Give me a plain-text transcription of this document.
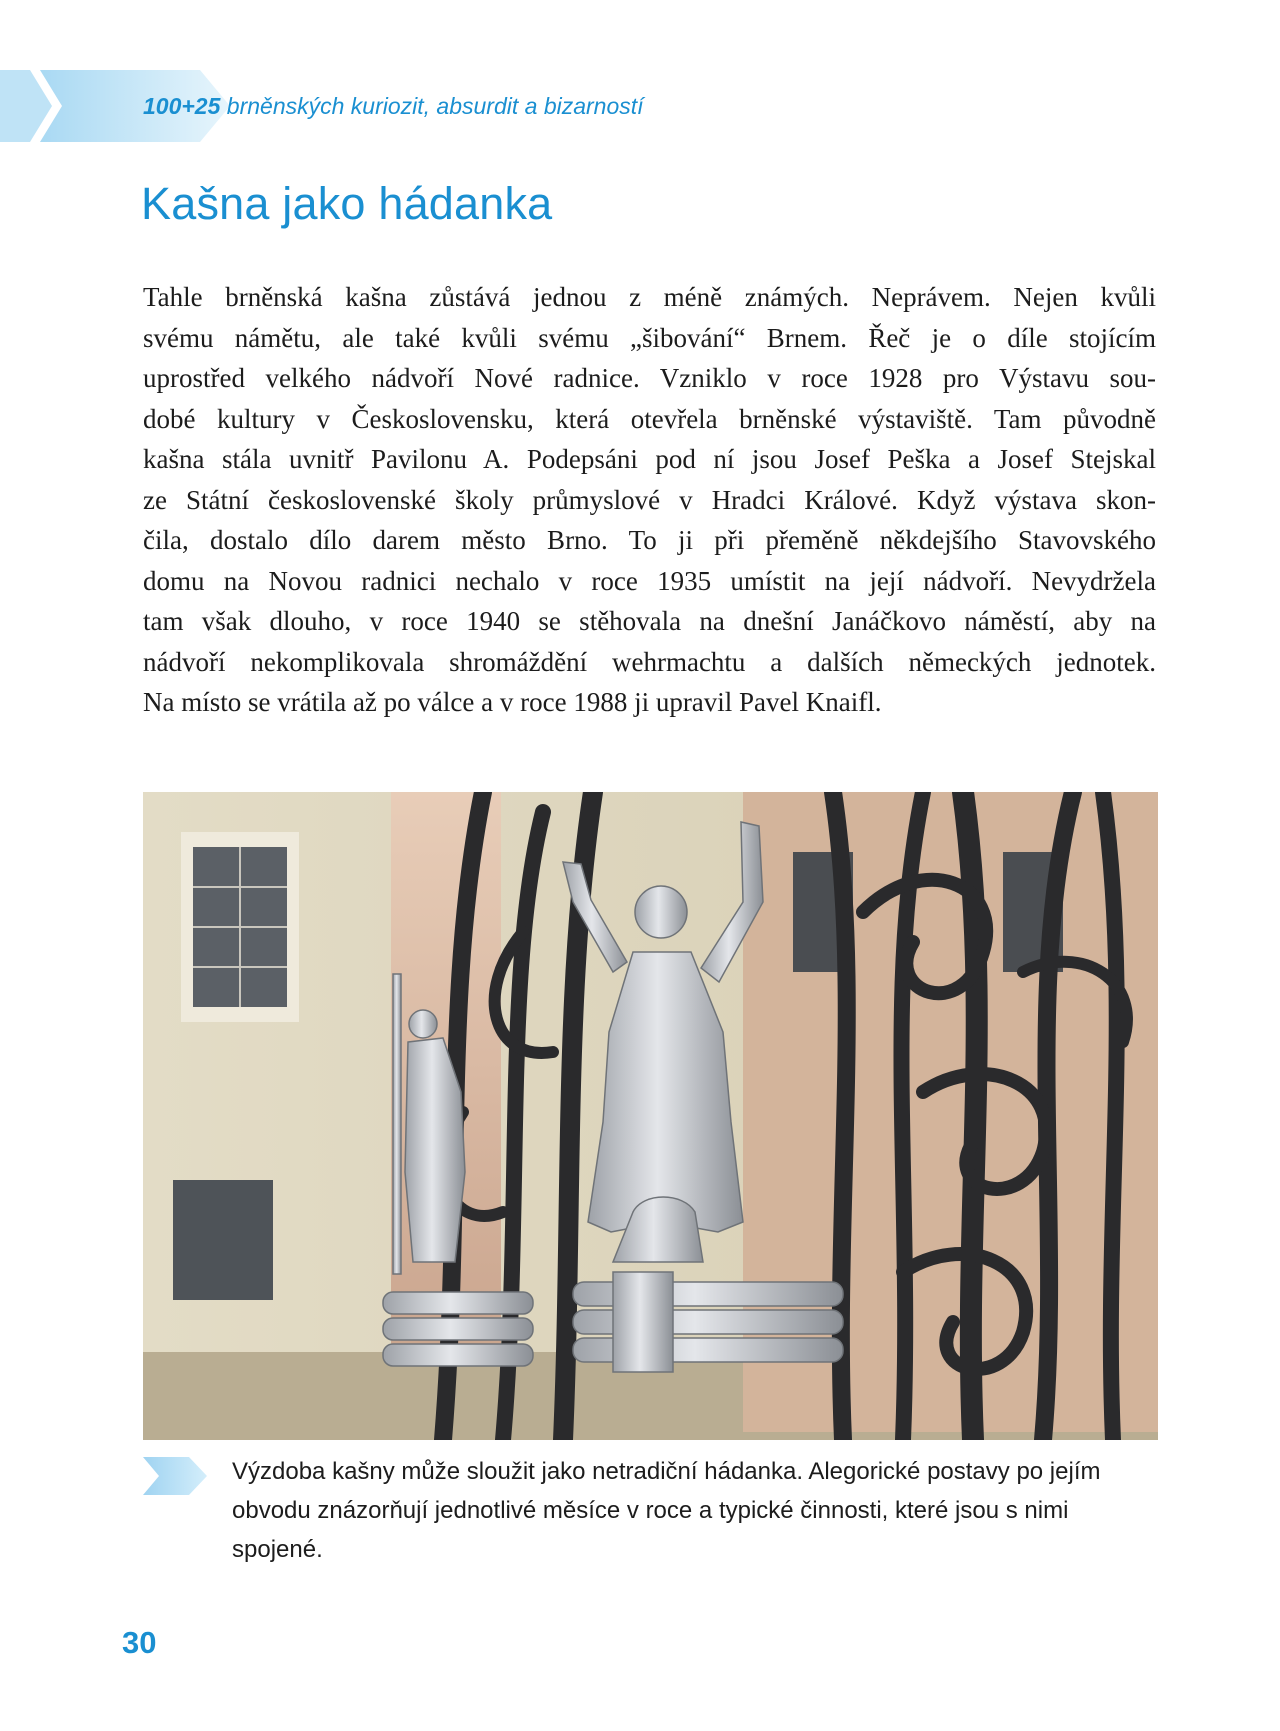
100+25 brněnských kuriozit, absurdit a bizarností
Kašna jako hádanka
Tahle brněnská kašna zůstává jednou z méně známých. Neprávem. Nejen kvůli
svému námětu, ale také kvůli svému „šibování“ Brnem. Řeč je o díle stojícím
uprostřed velkého nádvoří Nové radnice. Vzniklo v roce 1928 pro Výstavu sou-
dobé kultury v Československu, která otevřela brněnské výstaviště. Tam původně
kašna stála uvnitř Pavilonu A. Podepsáni pod ní jsou Josef Peška a Josef Stejskal
ze Státní československé školy průmyslové v Hradci Králové. Když výstava skon-
čila, dostalo dílo darem město Brno. To ji při přeměně někdejšího Stavovského
domu na Novou radnici nechalo v roce 1935 umístit na její nádvoří. Nevydržela
tam však dlouho, v roce 1940 se stěhovala na dnešní Janáčkovo náměstí, aby na
nádvoří nekomplikovala shromáždění wehrmachtu a dalších německých jednotek.
Na místo se vrátila až po válce a v roce 1988 ji upravil Pavel Knaifl.
Výzdoba kašny může sloužit jako netradiční hádanka. Alegorické postavy po jejím obvodu znázorňují jednotlivé měsíce v roce a typické činnosti, které jsou s nimi spojené.
30
